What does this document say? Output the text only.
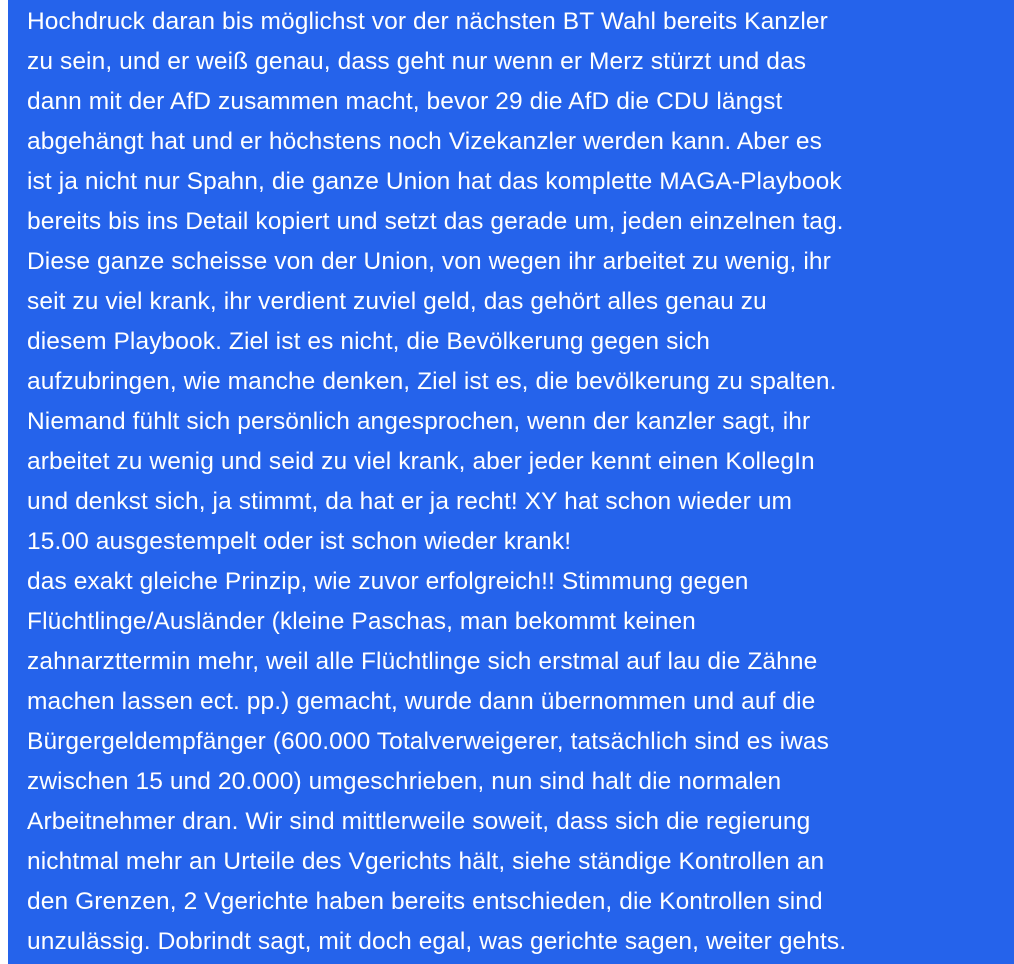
Hochdruck daran bis möglichst vor der nächsten BT Wahl bereits Kanzler
zu sein, und er weiß genau, dass geht nur wenn er Merz stürzt und das
dann mit der AfD zusammen macht, bevor 29 die AfD die CDU längst
abgehängt hat und er höchstens noch Vizekanzler werden kann. Aber es
ist ja nicht nur Spahn, die ganze Union hat das komplette MAGA-Playbook
bereits bis ins Detail kopiert und setzt das gerade um, jeden einzelnen tag.
Diese ganze scheisse von der Union, von wegen ihr arbeitet zu wenig, ihr
seit zu viel krank, ihr verdient zuviel geld, das gehört alles genau zu
diesem Playbook. Ziel ist es nicht, die Bevölkerung gegen sich
aufzubringen, wie manche denken, Ziel ist es, die bevölkerung zu spalten.
Niemand fühlt sich persönlich angesprochen, wenn der kanzler sagt, ihr
arbeitet zu wenig und seid zu viel krank, aber jeder kennt einen KollegIn
und denkst sich, ja stimmt, da hat er ja recht! XY hat schon wieder um
15.00 ausgestempelt oder ist schon wieder krank!
das exakt gleiche Prinzip, wie zuvor erfolgreich!! Stimmung gegen
Flüchtlinge/Ausländer (kleine Paschas, man bekommt keinen
zahnarzttermin mehr, weil alle Flüchtlinge sich erstmal auf lau die Zähne
machen lassen ect. pp.) gemacht, wurde dann übernommen und auf die
Bürgergeldempfänger (600.000 Totalverweigerer, tatsächlich sind es iwas
zwischen 15 und 20.000) umgeschrieben, nun sind halt die normalen
Arbeitnehmer dran. Wir sind mittlerweile soweit, dass sich die regierung
nichtmal mehr an Urteile des Vgerichts hält, siehe ständige Kontrollen an
den Grenzen, 2 Vgerichte haben bereits entschieden, die Kontrollen sind
unzulässig. Dobrindt sagt, mit doch egal, was gerichte sagen, weiter gehts.
